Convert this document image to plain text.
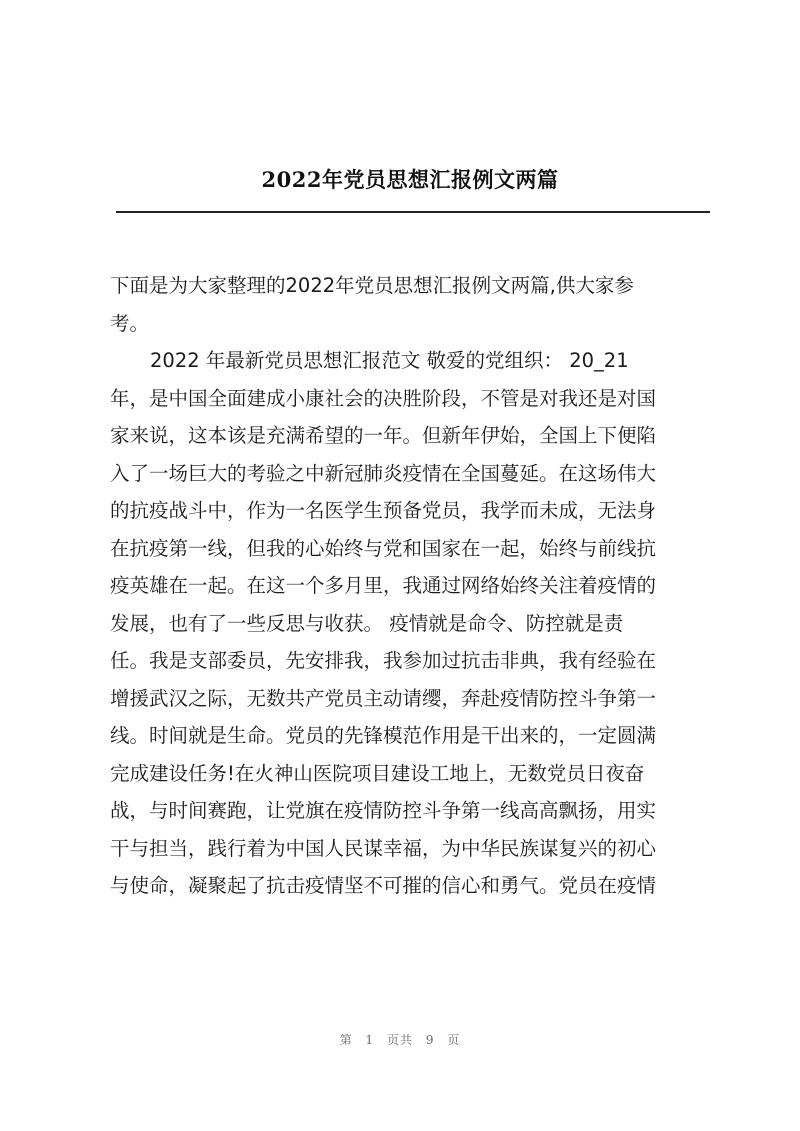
2022年党员思想汇报例文两篇
下面是为大家整理的2022年党员思想汇报例文两篇,供大家参
考。
2022 年最新党员思想汇报范文 敬爱的党组织： 20_21
年，是中国全面建成小康社会的决胜阶段，不管是对我还是对国
家来说，这本该是充满希望的一年。但新年伊始，全国上下便陷
入了一场巨大的考验之中新冠肺炎疫情在全国蔓延。在这场伟大
的抗疫战斗中，作为一名医学生预备党员，我学而未成，无法身
在抗疫第一线，但我的心始终与党和国家在一起，始终与前线抗
疫英雄在一起。在这一个多月里，我通过网络始终关注着疫情的
发展，也有了一些反思与收获。 疫情就是命令、防控就是责
任。我是支部委员，先安排我，我参加过抗击非典，我有经验在
增援武汉之际，无数共产党员主动请缨，奔赴疫情防控斗争第一
线。时间就是生命。党员的先锋模范作用是干出来的，一定圆满
完成建设任务!在火神山医院项目建设工地上，无数党员日夜奋
战，与时间赛跑，让党旗在疫情防控斗争第一线高高飘扬，用实
干与担当，践行着为中国人民谋幸福，为中华民族谋复兴的初心
与使命，凝聚起了抗击疫情坚不可摧的信心和勇气。党员在疫情
第 1 页共 9 页
